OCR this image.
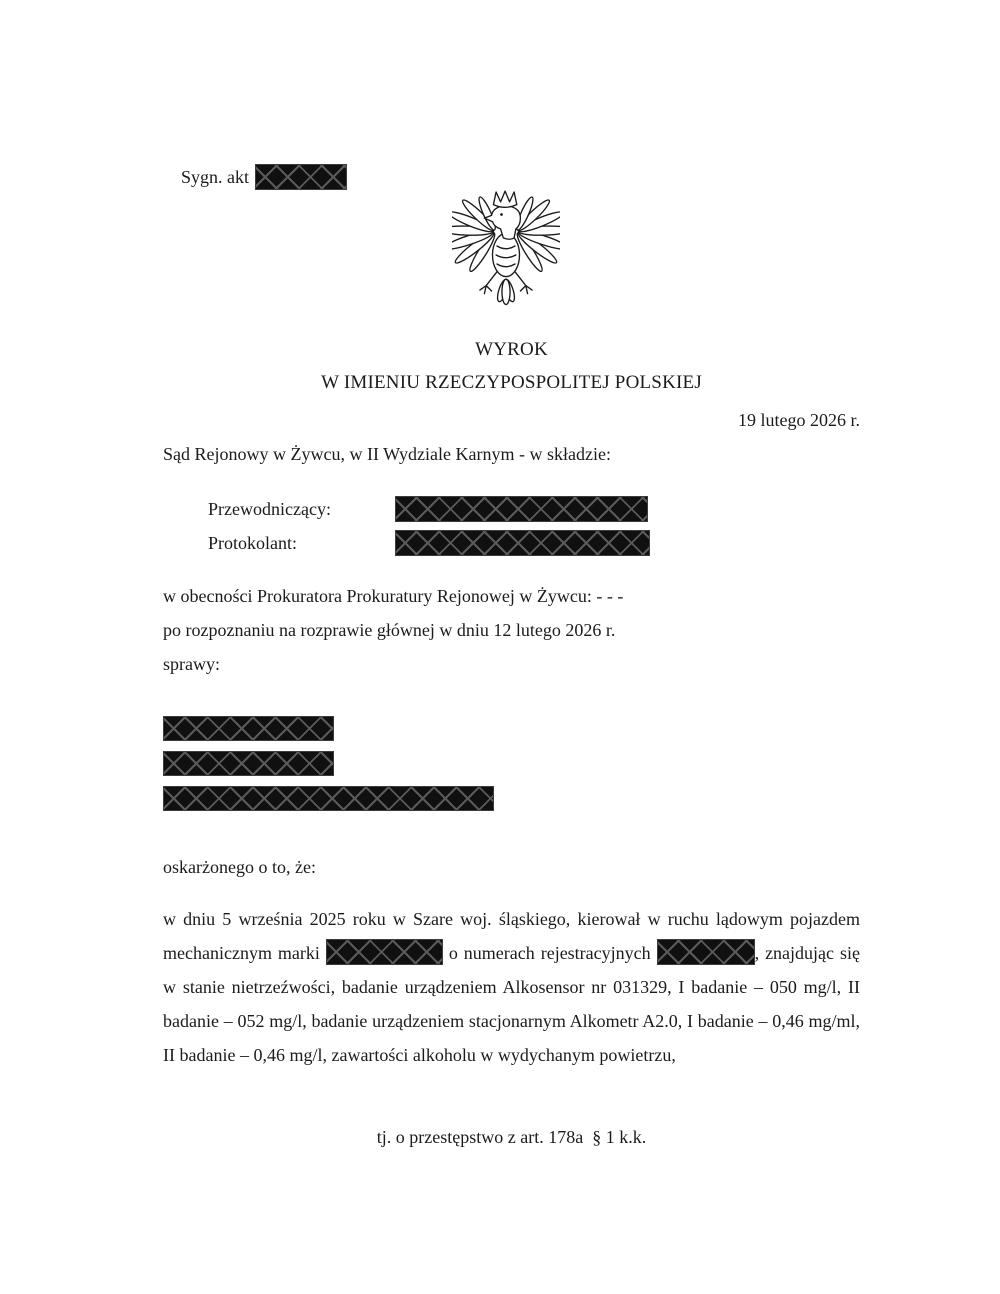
Sygn. akt

WYROK
W IMIENIU RZECZYPOSPOLITEJ POLSKIEJ
19 lutego 2026 r.
Sąd Rejonowy w Żywcu, w II Wydziale Karnym - w składzie:
Przewodniczący:
Protokolant:
w obecności Prokuratora Prokuratury Rejonowej w Żywcu: - - -
po rozpoznaniu na rozprawie głównej w dniu 12 lutego 2026 r.
sprawy:
oskarżonego o to, że:

w dniu 5 września 2025 roku w Szare woj. śląskiego, kierował w ruchu lądowym pojazdem mechanicznym marki	o numerach rejestracyjnych	, znajdując się w stanie nietrzeźwości, badanie urządzeniem Alkosensor nr 031329, I badanie – 050 mg/l, II badanie – 052 mg/l, badanie urządzeniem stacjonarnym Alkometr A2.0, I badanie – 0,46 mg/ml, II badanie – 0,46 mg/l, zawartości alkoholu w wydychanym powietrzu,

tj. o przestępstwo z art. 178a  § 1 k.k.
